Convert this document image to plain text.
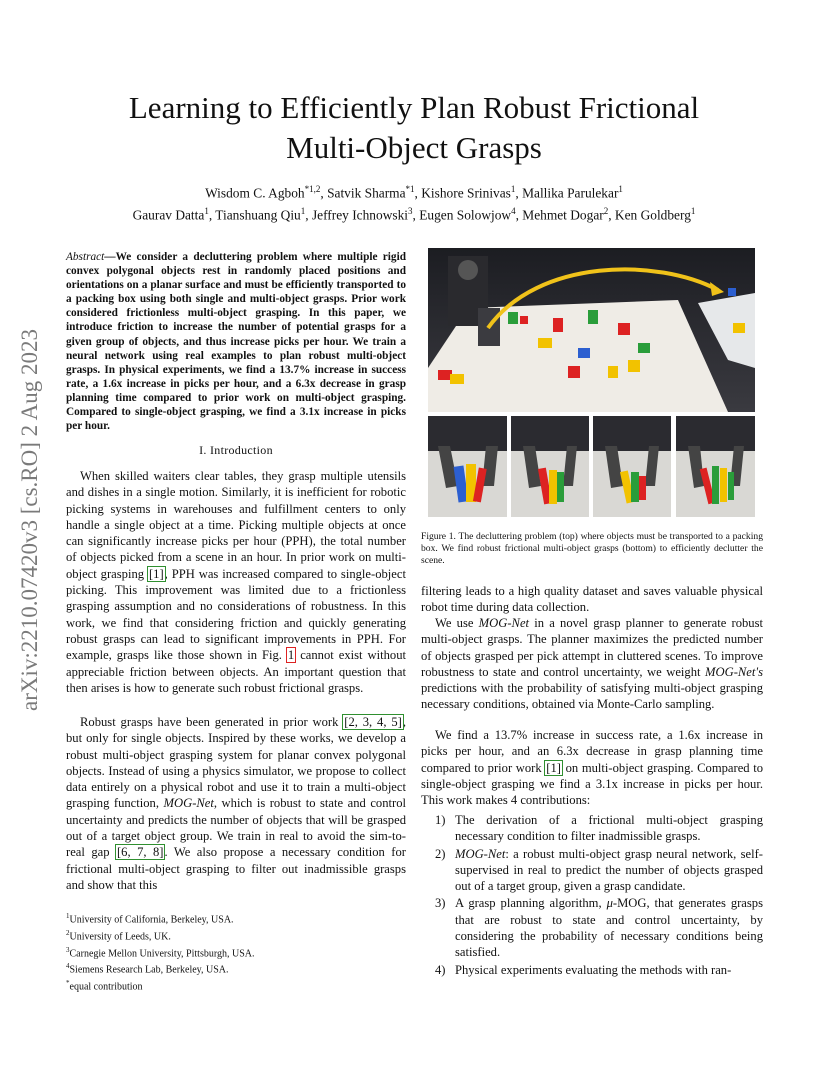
Learning to Efficiently Plan Robust Frictional
Multi-Object Grasps
Wisdom C. Agboh$^{*1,2}$, Satvik Sharma$^{*1}$, Kishore Srinivas$^1$, Mallika Parulekar$^1$
Gaurav Datta$^1$, Tianshuang Qiu$^1$, Jeffrey Ichnowski$^3$, Eugen Solowjow$^4$, Mehmet Dogar$^2$, Ken Goldberg$^1$
arXiv:2210.07420v3 [cs.RO] 2 Aug 2023
Abstract—We consider a decluttering problem where multiple rigid convex polygonal objects rest in randomly placed positions and orientations on a planar surface and must be efficiently transported to a packing box using both single and multi-object grasps. Prior work considered frictionless multi-object grasping. In this paper, we introduce friction to increase the number of potential grasps for a given group of objects, and thus increase picks per hour. We train a neural network using real examples to plan robust multi-object grasps. In physical experiments, we find a 13.7% increase in success rate, a 1.6x increase in picks per hour, and a 6.3x decrease in grasp planning time compared to prior work on multi-object grasping. Compared to single-object grasping, we find a 3.1x increase in picks per hour.
I. Introduction

When skilled waiters clear tables, they grasp multiple utensils and dishes in a single motion. Similarly, it is inefficient for robotic picking systems in warehouses and fulfillment centers to only handle a single object at a time. Picking multiple objects at once can significantly increase picks per hour (PPH), the total number of objects picked from a scene in an hour. In prior work on multi-object grasping [1], PPH was increased compared to single-object picking. This improvement was limited due to a frictionless grasping assumption and no considerations of robustness. In this work, we find that considering friction and quickly generating robust grasps can lead to significant improvements in PPH. For example, grasps like those shown in Fig. 1 cannot exist without appreciable friction between objects. An important question that then arises is how to generate such robust frictional grasps.

Robust grasps have been generated in prior work [2, 3, 4, 5], but only for single objects. Inspired by these works, we develop a robust multi-object grasping system for planar convex polygonal objects. Instead of using a physics simulator, we propose to collect data entirely on a physical robot and use it to train a multi-object grasping function, MOG-Net, which is robust to state and control uncertainty and predicts the number of objects that will be grasped out of a target object group. We train in real to avoid the sim-to-real gap [6, 7, 8]. We also propose a necessary condition for frictional multi-object grasping to filter out inadmissible grasps and show that this

$^1$University of California, Berkeley, USA.
$^2$University of Leeds, UK.
$^3$Carnegie Mellon University, Pittsburgh, USA.
$^4$Siemens Research Lab, Berkeley, USA.
*equal contribution
Figure 1. The decluttering problem (top) where objects must be transported to a packing box. We find robust frictional multi-object grasps (bottom) to efficiently declutter the scene.

filtering leads to a high quality dataset and saves valuable physical robot time during data collection.

We use MOG-Net in a novel grasp planner to generate robust multi-object grasps. The planner maximizes the predicted number of objects grasped per pick attempt in cluttered scenes. To improve robustness to state and control uncertainty, we weight MOG-Net's predictions with the probability of satisfying multi-object grasping necessary conditions, obtained via Monte-Carlo sampling.

We find a 13.7% increase in success rate, a 1.6x increase in picks per hour, and an 6.3x decrease in grasp planning time compared to prior work [1] on multi-object grasping. Compared to single-object grasping we find a 3.1x increase in picks per hour. This work makes 4 contributions:

1) The derivation of a frictional multi-object grasping necessary condition to filter inadmissible grasps.
2) MOG-Net: a robust multi-object grasp neural network, self-supervised in real to predict the number of objects grasped out of a target group, given a grasp candidate.
3) A grasp planning algorithm, μ-MOG, that generates grasps that are robust to state and control uncertainty, by considering the probability of necessary conditions being satisfied.
4) Physical experiments evaluating the methods with ran-
